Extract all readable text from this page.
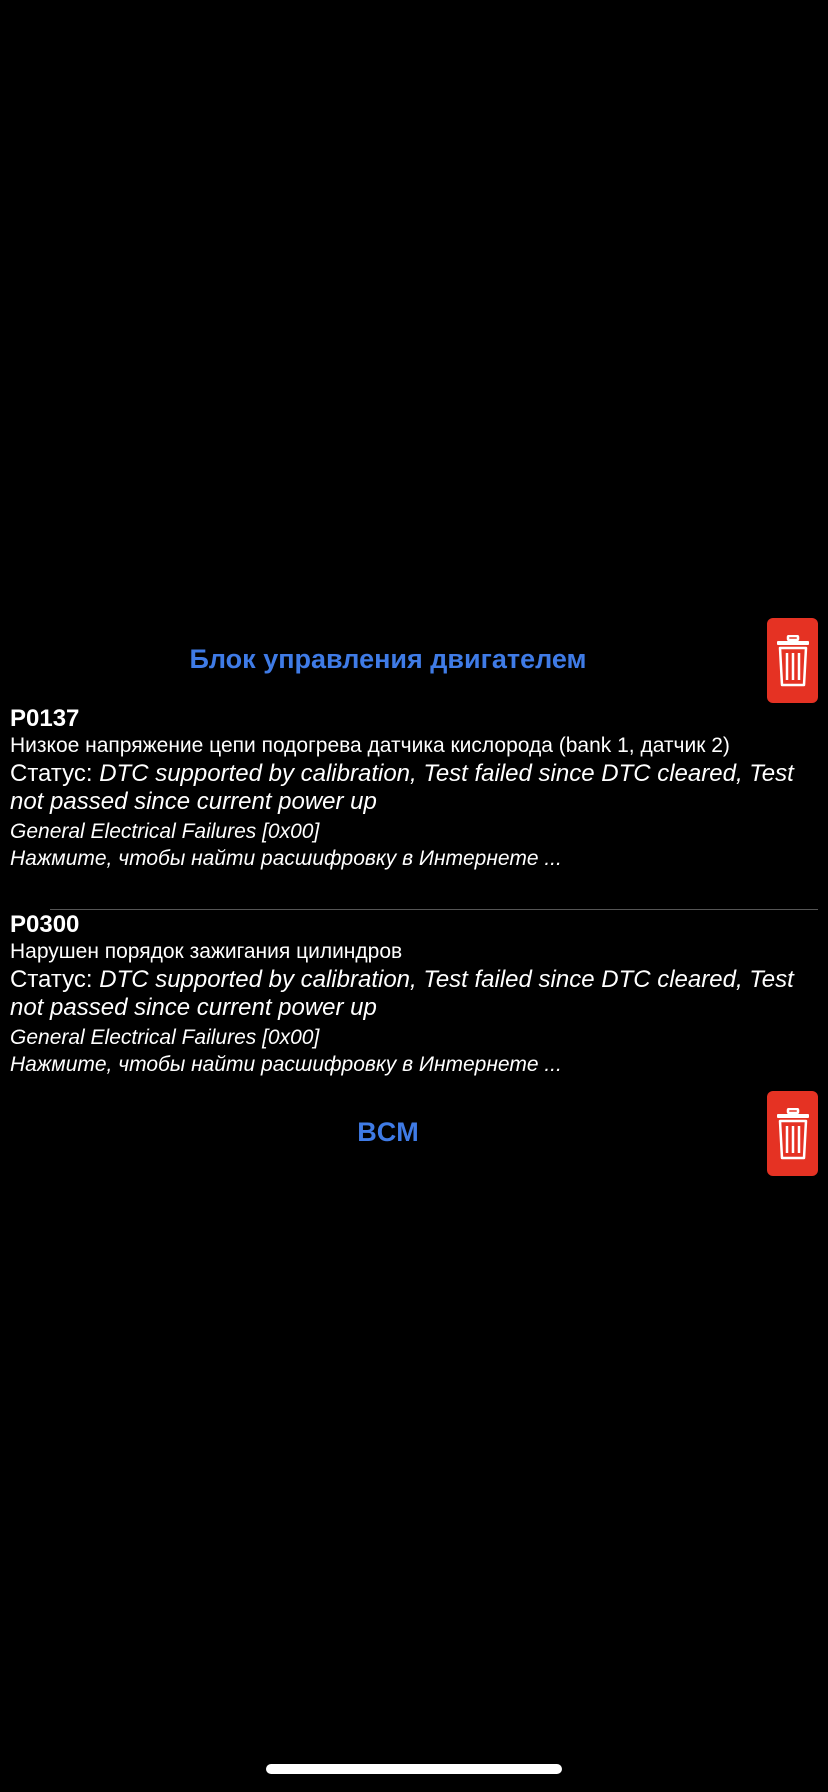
Блок управления двигателем
P0137
Низкое напряжение цепи подогрева датчика кислорода (bank 1, датчик 2)
Статус: DTC supported by calibration, Test failed since DTC cleared, Test not passed since current power up
General Electrical Failures [0x00]
Нажмите, чтобы найти расшифровку в Интернете ...
P0300
Нарушен порядок зажигания цилиндров
Статус: DTC supported by calibration, Test failed since DTC cleared, Test not passed since current power up
General Electrical Failures [0x00]
Нажмите, чтобы найти расшифровку в Интернете ...
BCM
